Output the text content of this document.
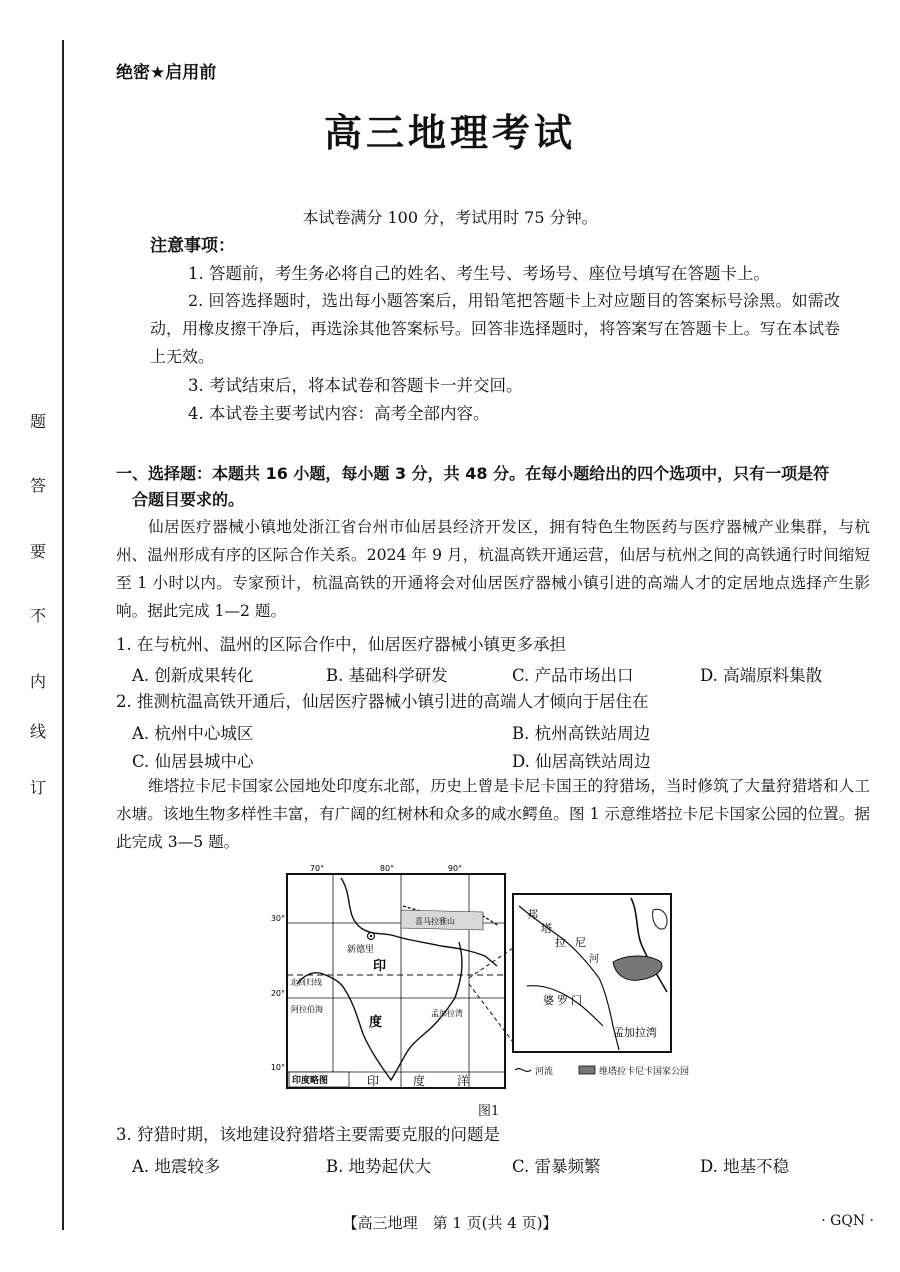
题
答
要
不
内
线
订
绝密★启用前
高三地理考试
本试卷满分 100 分，考试用时 75 分钟。
注意事项：
1. 答题前，考生务必将自己的姓名、考生号、考场号、座位号填写在答题卡上。
2. 回答选择题时，选出每小题答案后，用铅笔把答题卡上对应题目的答案标号涂黑。如需改动，用橡皮擦干净后，再选涂其他答案标号。回答非选择题时，将答案写在答题卡上。写在本试卷上无效。
3. 考试结束后，将本试卷和答题卡一并交回。
4. 本试卷主要考试内容：高考全部内容。
一、选择题：本题共 16 小题，每小题 3 分，共 48 分。在每小题给出的四个选项中，只有一项是符
合题目要求的。
仙居医疗器械小镇地处浙江省台州市仙居县经济开发区，拥有特色生物医药与医疗器械产业集群，与杭州、温州形成有序的区际合作关系。2024 年 9 月，杭温高铁开通运营，仙居与杭州之间的高铁通行时间缩短至 1 小时以内。专家预计，杭温高铁的开通将会对仙居医疗器械小镇引进的高端人才的定居地点选择产生影响。据此完成 1—2 题。
1. 在与杭州、温州的区际合作中，仙居医疗器械小镇更多承担
A. 创新成果转化	B. 基础科学研发	C. 产品市场出口	D. 高端原料集散
2. 推测杭温高铁开通后，仙居医疗器械小镇引进的高端人才倾向于居住在
A. 杭州中心城区	B. 杭州高铁站周边
C. 仙居县城中心	D. 仙居高铁站周边
维塔拉卡尼卡国家公园地处印度东北部，历史上曾是卡尼卡国王的狩猎场，当时修筑了大量狩猎塔和人工水塘。该地生物多样性丰富，有广阔的红树林和众多的咸水鳄鱼。图 1 示意维塔拉卡尼卡国家公园的位置。据此完成 3—5 题。
70°	80°	90°
30°
20°
10°
喜马拉雅山
新德里
印
度
北回归线
阿拉伯海	孟加拉湾
印	度	洋
印度略图
邦
塔
拉 尼
河
婆 罗 门
孟加拉湾
河流	维塔拉卡尼卡国家公园
图1
3. 狩猎时期，该地建设狩猎塔主要需要克服的问题是
A. 地震较多	B. 地势起伏大	C. 雷暴频繁	D. 地基不稳
【高三地理　第 1 页(共 4 页)】	· GQN ·
